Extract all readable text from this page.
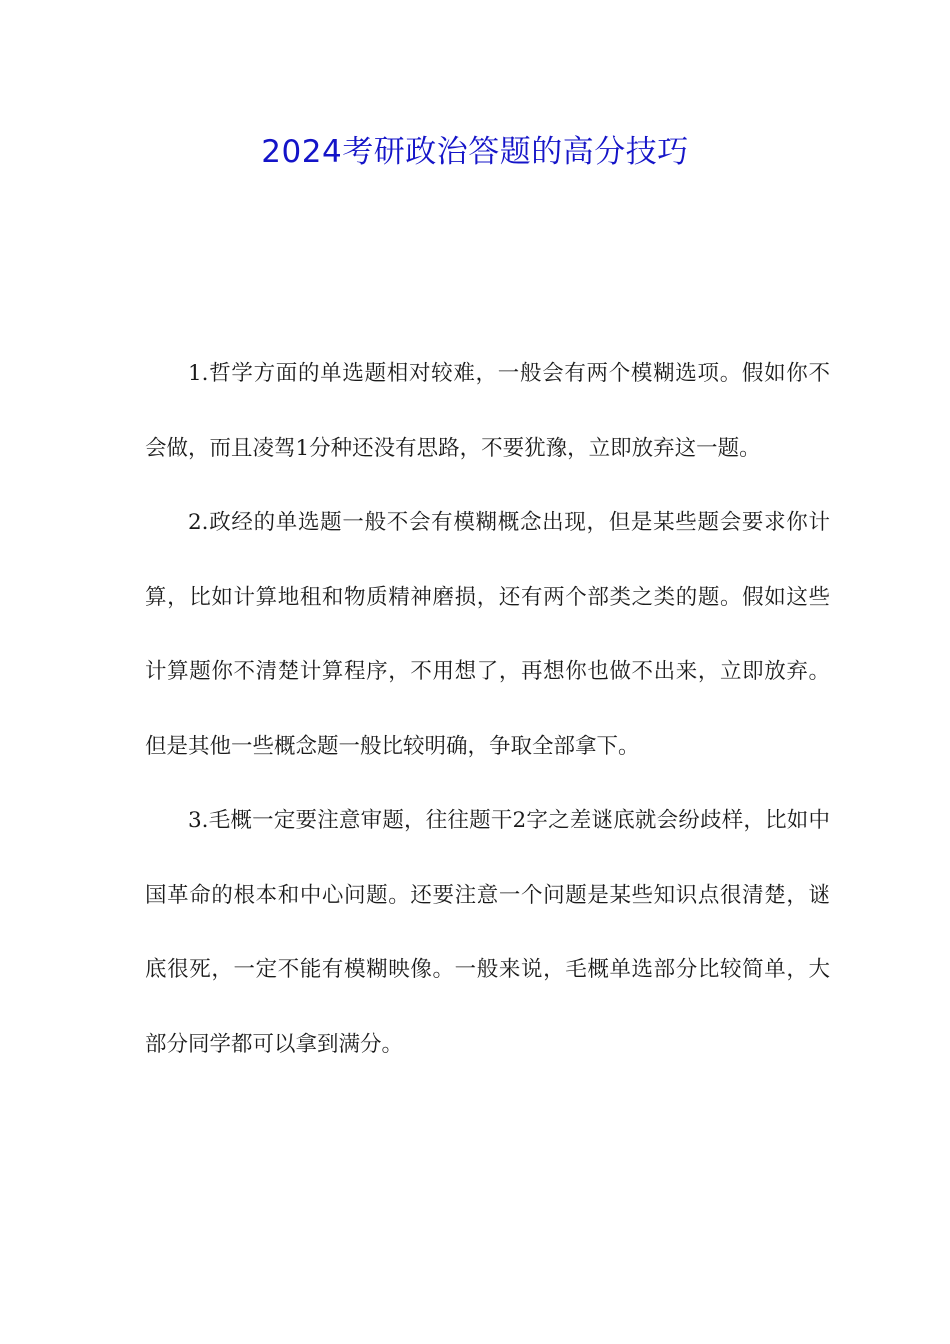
2024考研政治答题的高分技巧

1.哲学方面的单选题相对较难，一般会有两个模糊选项。假如你不会做，而且凌驾1分种还没有思路，不要犹豫，立即放弃这一题。

2.政经的单选题一般不会有模糊概念出现，但是某些题会要求你计算，比如计算地租和物质精神磨损，还有两个部类之类的题。假如这些计算题你不清楚计算程序，不用想了，再想你也做不出来，立即放弃。但是其他一些概念题一般比较明确，争取全部拿下。

3.毛概一定要注意审题，往往题干2字之差谜底就会纷歧样，比如中国革命的根本和中心问题。还要注意一个问题是某些知识点很清楚，谜底很死，一定不能有模糊映像。一般来说，毛概单选部分比较简单，大部分同学都可以拿到满分。
